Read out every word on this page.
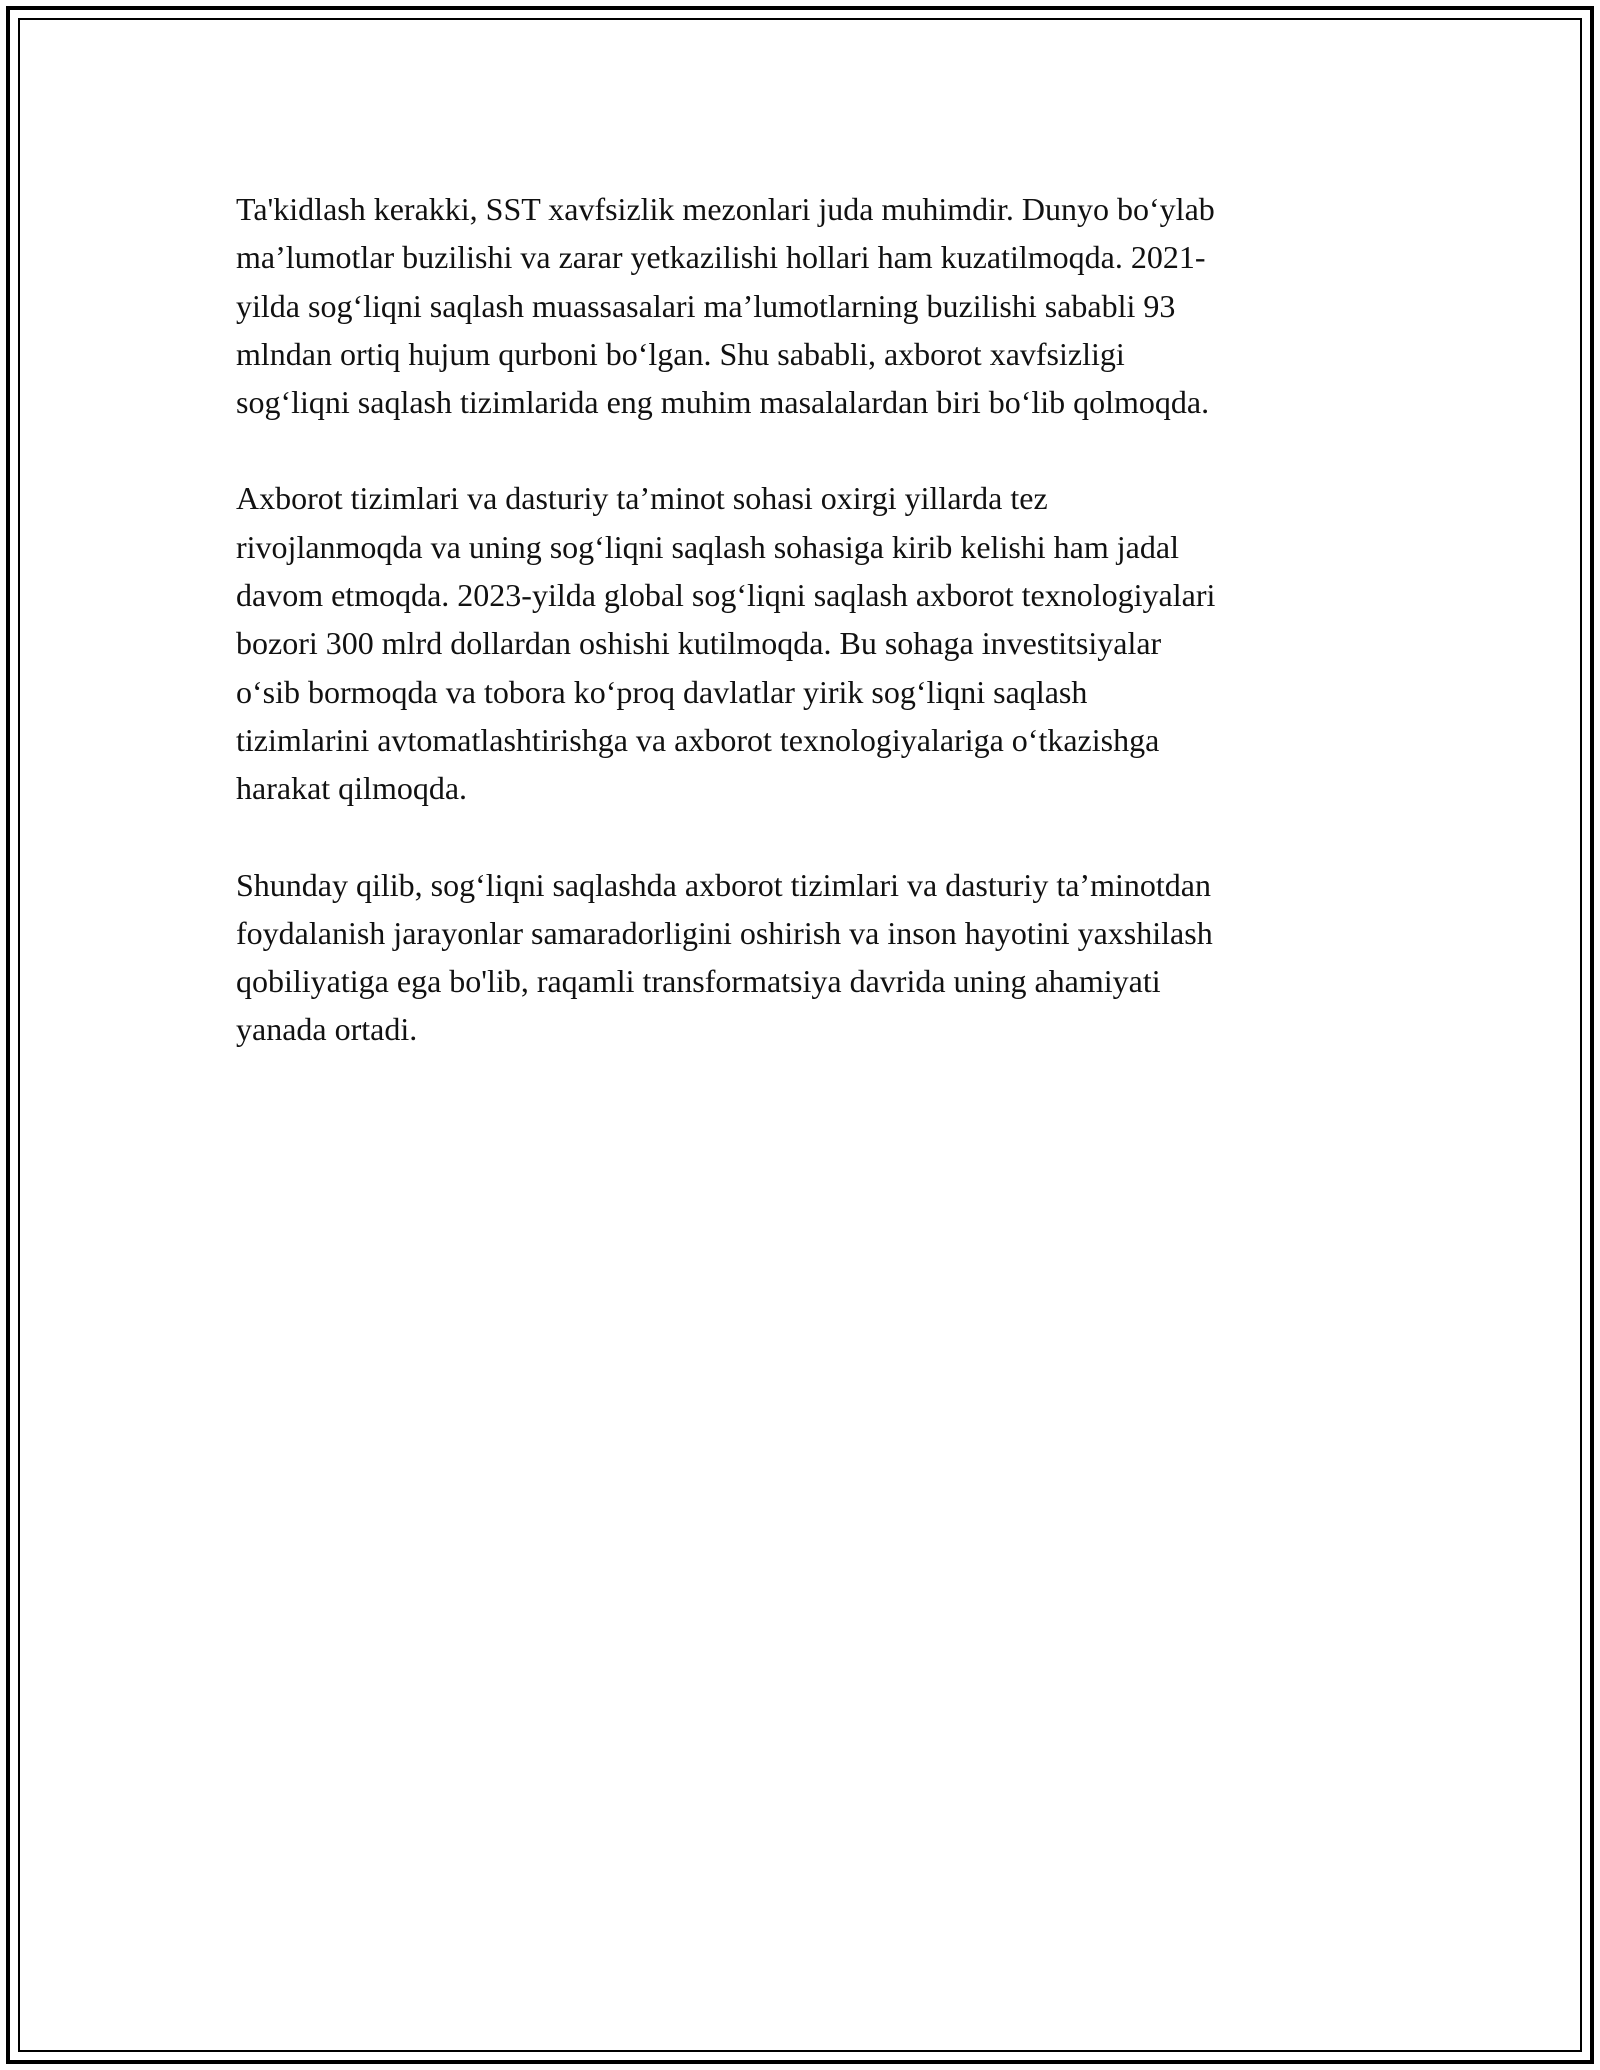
Ta'kidlash kerakki, SST xavfsizlik mezonlari juda muhimdir. Dunyo bo‘ylab
ma’lumotlar buzilishi va zarar yetkazilishi hollari ham kuzatilmoqda. 2021-
yilda sog‘liqni saqlash muassasalari ma’lumotlarning buzilishi sababli 93
mlndan ortiq hujum qurboni bo‘lgan. Shu sababli, axborot xavfsizligi
sog‘liqni saqlash tizimlarida eng muhim masalalardan biri bo‘lib qolmoqda.

Axborot tizimlari va dasturiy ta’minot sohasi oxirgi yillarda tez
rivojlanmoqda va uning sog‘liqni saqlash sohasiga kirib kelishi ham jadal
davom etmoqda. 2023-yilda global sog‘liqni saqlash axborot texnologiyalari
bozori 300 mlrd dollardan oshishi kutilmoqda. Bu sohaga investitsiyalar
o‘sib bormoqda va tobora ko‘proq davlatlar yirik sog‘liqni saqlash
tizimlarini avtomatlashtirishga va axborot texnologiyalariga o‘tkazishga
harakat qilmoqda.

Shunday qilib, sog‘liqni saqlashda axborot tizimlari va dasturiy ta’minotdan
foydalanish jarayonlar samaradorligini oshirish va inson hayotini yaxshilash
qobiliyatiga ega bo'lib, raqamli transformatsiya davrida uning ahamiyati
yanada ortadi.
